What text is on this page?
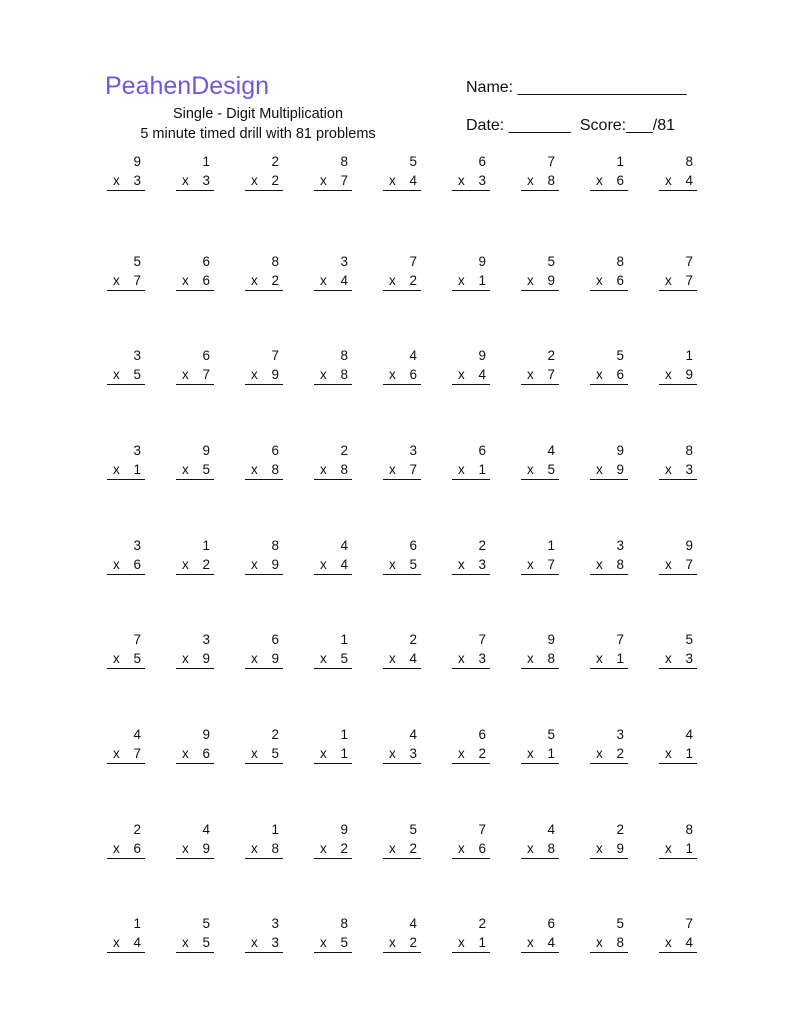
PeahenDesign
Single - Digit Multiplication
5 minute timed drill with 81 problems
Name: ___________________
Date: _______  Score:___/81
9
x 3
1
x 3
2
x 2
8
x 7
5
x 4
6
x 3
7
x 8
1
x 6
8
x 4
5
x 7
6
x 6
8
x 2
3
x 4
7
x 2
9
x 1
5
x 9
8
x 6
7
x 7
3
x 5
6
x 7
7
x 9
8
x 8
4
x 6
9
x 4
2
x 7
5
x 6
1
x 9
3
x 1
9
x 5
6
x 8
2
x 8
3
x 7
6
x 1
4
x 5
9
x 9
8
x 3
3
x 6
1
x 2
8
x 9
4
x 4
6
x 5
2
x 3
1
x 7
3
x 8
9
x 7
7
x 5
3
x 9
6
x 9
1
x 5
2
x 4
7
x 3
9
x 8
7
x 1
5
x 3
4
x 7
9
x 6
2
x 5
1
x 1
4
x 3
6
x 2
5
x 1
3
x 2
4
x 1
2
x 6
4
x 9
1
x 8
9
x 2
5
x 2
7
x 6
4
x 8
2
x 9
8
x 1
1
x 4
5
x 5
3
x 3
8
x 5
4
x 2
2
x 1
6
x 4
5
x 8
7
x 4
